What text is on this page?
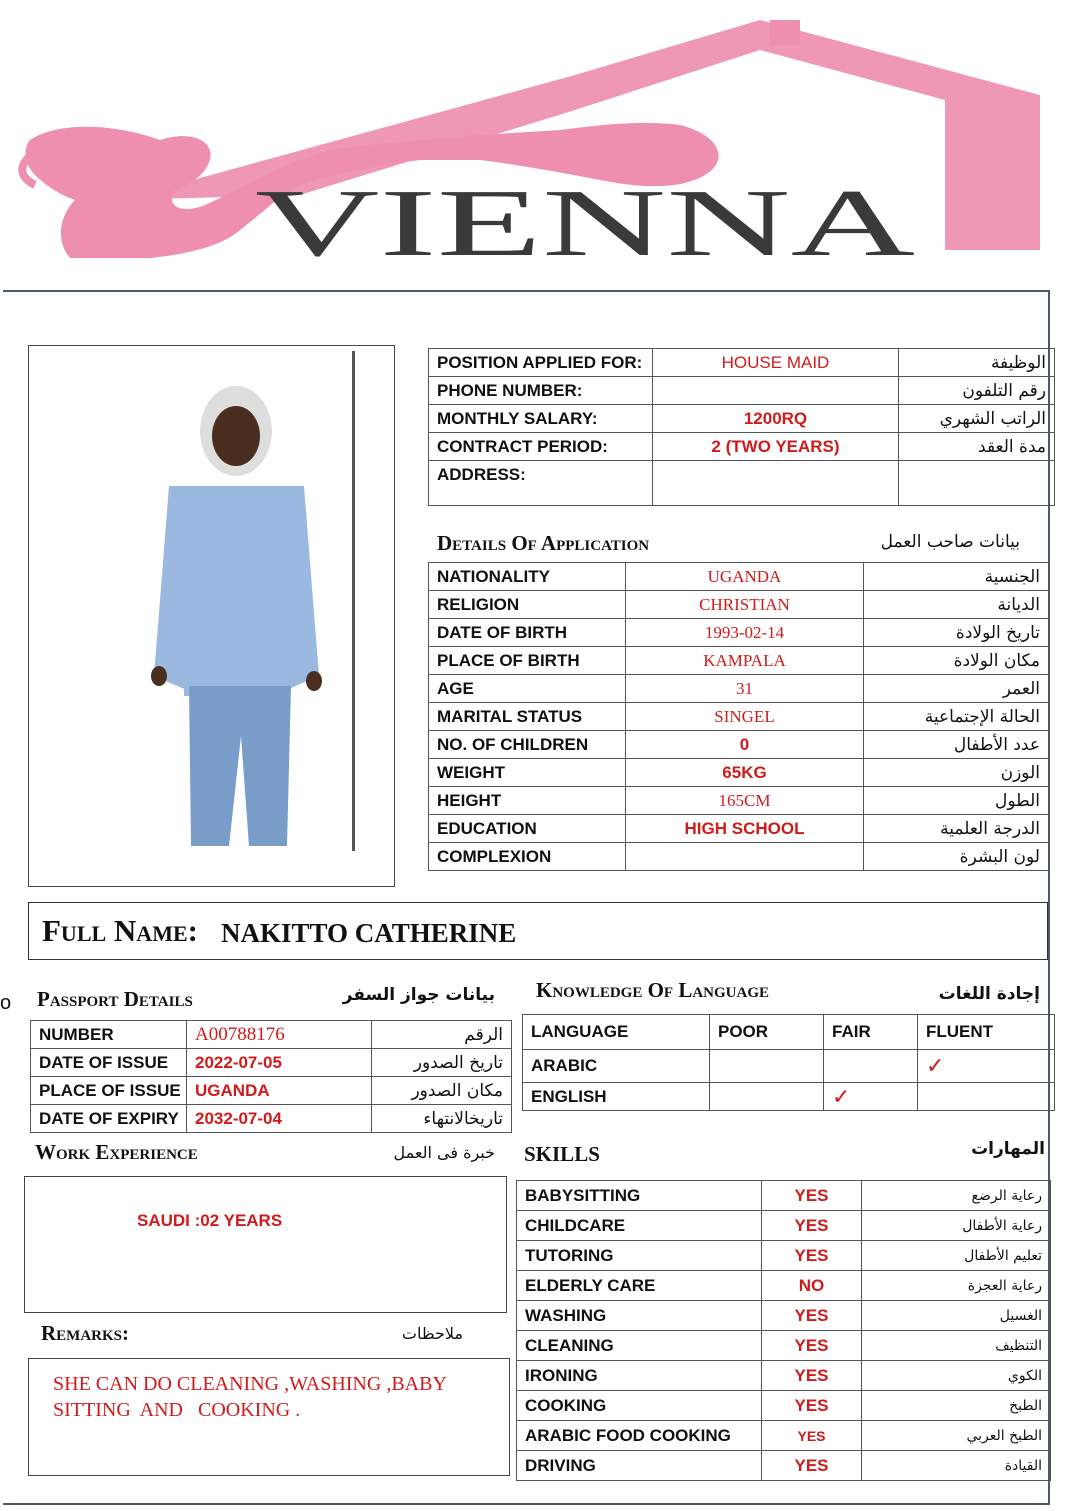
VIENNA
POSITION APPLIED FOR:	HOUSE MAID	الوظيفة
PHONE NUMBER:		رقم التلفون
MONTHLY SALARY:	1200RQ	الراتب الشهري
CONTRACT PERIOD:	2 (TWO YEARS)	مدة العقد
ADDRESS:		
Details Of Application	بيانات صاحب العمل
NATIONALITY	UGANDA	الجنسية
RELIGION	CHRISTIAN	الديانة
DATE OF BIRTH	1993-02-14	تاريخ الولادة
PLACE OF BIRTH	KAMPALA	مكان الولادة
AGE	31	العمر
MARITAL STATUS	SINGEL	الحالة الإجتماعية
NO. OF CHILDREN	0	عدد الأطفال
WEIGHT	65KG	الوزن
HEIGHT	165CM	الطول
EDUCATION	HIGH SCHOOL	الدرجة العلمية
COMPLEXION		لون البشرة
Full Name: NAKITTO CATHERINE
o Passport Details	بيانات جواز السفر
NUMBER	A00788176	الرقم
DATE OF ISSUE	2022-07-05	تاريخ الصدور
PLACE OF ISSUE	UGANDA	مكان الصدور
DATE OF EXPIRY	2032-07-04	تاريخالانتهاء
Knowledge Of Language	إجادة اللغات
LANGUAGE	POOR	FAIR	FLUENT
ARABIC			✓
ENGLISH		✓	
Work Experience	خبرة فى العمل
SAUDI :02 YEARS
Remarks:	ملاحظات
SHE CAN DO CLEANING ,WASHING ,BABY
SITTING  AND   COOKING .
SKILLS	المهارات
BABYSITTING	YES	رعاية الرضع
CHILDCARE	YES	رعاية الأطفال
TUTORING	YES	تعليم الأطفال
ELDERLY CARE	NO	رعاية العجزة
WASHING	YES	الغسيل
CLEANING	YES	التنظيف
IRONING	YES	الكوي
COOKING	YES	الطبخ
ARABIC FOOD COOKING	YES	الطبخ العربي
DRIVING	YES	القيادة
